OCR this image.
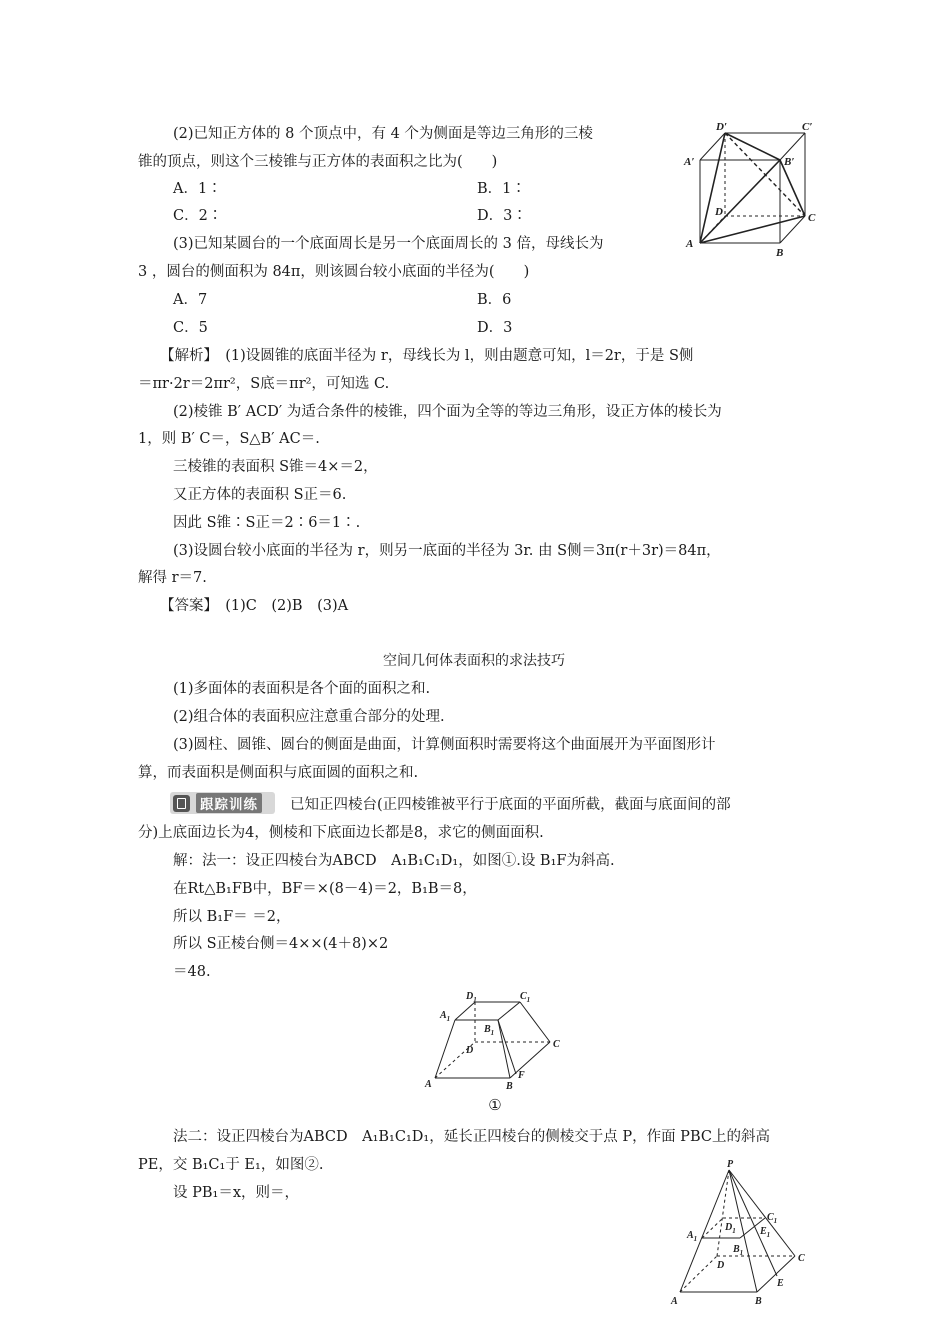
(2)已知正方体的 8 个顶点中，有 4 个为侧面是等边三角形的三棱
锥的顶点，则这个三棱锥与正方体的表面积之比为(　　)
A．1∶	B．1∶
C．2∶	D．3∶
(3)已知某圆台的一个底面周长是另一个底面周长的 3 倍，母线长为
3 ，圆台的侧面积为 84π，则该圆台较小底面的半径为(　　)
A．7	B．6
C．5	D．3
【解析】　(1)设圆锥的底面半径为 r，母线长为 l，则由题意可知，l＝2r，于是 S侧
＝πr·2r＝2πr²，S底＝πr²，可知选 C.
(2)棱锥 B′ ACD′ 为适合条件的棱锥，四个面为全等的等边三角形，设正方体的棱长为
1，则 B′ C＝，S△B′ AC＝.
三棱锥的表面积 S锥＝4×＝2，
又正方体的表面积 S正＝6.
因此 S锥∶S正＝2∶6＝1∶.
(3)设圆台较小底面的半径为 r，则另一底面的半径为 3r. 由 S侧＝3π(r＋3r)＝84π，
解得 r＝7.
【答案】　(1)C　(2)B　(3)A
空间几何体表面积的求法技巧
(1)多面体的表面积是各个面的面积之和.
(2)组合体的表面积应注意重合部分的处理.
(3)圆柱、圆锥、圆台的侧面是曲面，计算侧面积时需要将这个曲面展开为平面图形计
算，而表面积是侧面积与底面圆的面积之和.
跟踪训练 已知正四棱台(正四棱锥被平行于底面的平面所截，截面与底面间的部
分)上底面边长为4，侧棱和下底面边长都是8，求它的侧面面积.
解：法一：设正四棱台为ABCD　A₁B₁C₁D₁，如图①.设 B₁F为斜高.
在Rt△B₁FB中，BF＝×(8－4)＝2，B₁B＝8，
所以 B₁F＝ ＝2，
所以 S正棱台侧＝4××(4＋8)×2
＝48.
法二：设正四棱台为ABCD　A₁B₁C₁D₁，延长正四棱台的侧棱交于点 P，作面 PBC上的斜高
PE，交 B₁C₁于 E₁，如图②.
设 PB₁＝x，则＝，
A
B
C
D
A′	B′
C′
D′
A	B
C
D
F
$A_1$
$B_1$
$C_1$
$D_1$
①
P
A	B
C
D
E
$A_1$
$B_1$
$C_1$
$D_1$ $E_1$
